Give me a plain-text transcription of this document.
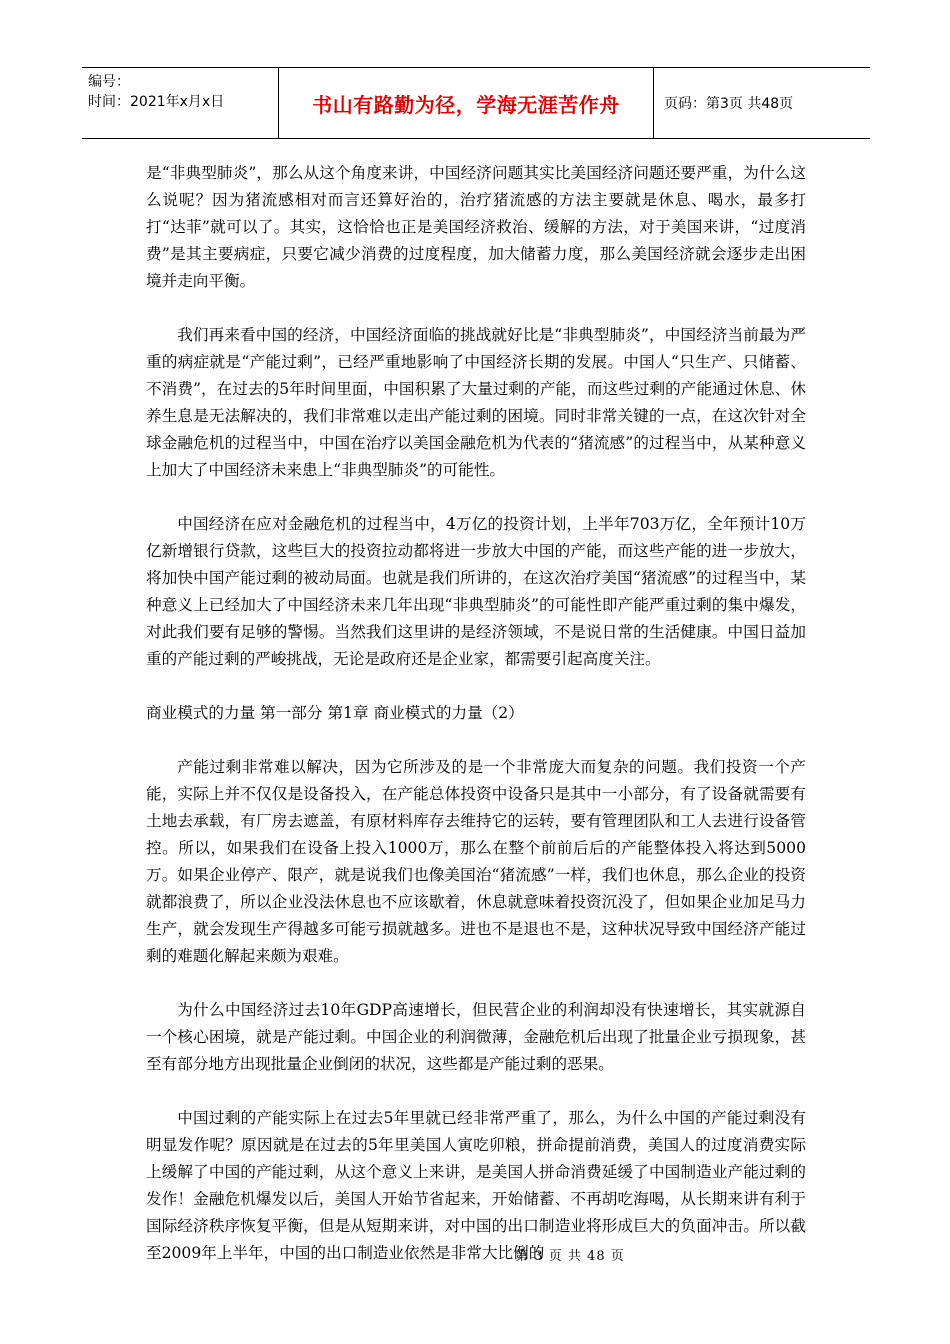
编号：
时间：2021年x月x日	书山有路勤为径，学海无涯苦作舟	页码：第3页 共48页

是“非典型肺炎”，那么从这个角度来讲，中国经济问题其实比美国经济问题还要严重，为什么这么说呢？因为猪流感相对而言还算好治的，治疗猪流感的方法主要就是休息、喝水，最多打打“达菲”就可以了。其实，这恰恰也正是美国经济救治、缓解的方法，对于美国来讲，“过度消费”是其主要病症，只要它减少消费的过度程度，加大储蓄力度，那么美国经济就会逐步走出困境并走向平衡。

我们再来看中国的经济，中国经济面临的挑战就好比是“非典型肺炎”，中国经济当前最为严重的病症就是“产能过剩”，已经严重地影响了中国经济长期的发展。中国人“只生产、只储蓄、不消费”，在过去的5年时间里面，中国积累了大量过剩的产能，而这些过剩的产能通过休息、休养生息是无法解决的，我们非常难以走出产能过剩的困境。同时非常关键的一点，在这次针对全球金融危机的过程当中，中国在治疗以美国金融危机为代表的“猪流感”的过程当中，从某种意义上加大了中国经济未来患上“非典型肺炎”的可能性。

中国经济在应对金融危机的过程当中，4万亿的投资计划，上半年703万亿，全年预计10万亿新增银行贷款，这些巨大的投资拉动都将进一步放大中国的产能，而这些产能的进一步放大，将加快中国产能过剩的被动局面。也就是我们所讲的，在这次治疗美国“猪流感”的过程当中，某种意义上已经加大了中国经济未来几年出现“非典型肺炎”的可能性即产能严重过剩的集中爆发，对此我们要有足够的警惕。当然我们这里讲的是经济领域，不是说日常的生活健康。中国日益加重的产能过剩的严峻挑战，无论是政府还是企业家，都需要引起高度关注。

商业模式的力量 第一部分 第1章 商业模式的力量（2）

产能过剩非常难以解决，因为它所涉及的是一个非常庞大而复杂的问题。我们投资一个产能，实际上并不仅仅是设备投入，在产能总体投资中设备只是其中一小部分，有了设备就需要有土地去承载，有厂房去遮盖，有原材料库存去维持它的运转，要有管理团队和工人去进行设备管控。所以，如果我们在设备上投入1000万，那么在整个前前后后的产能整体投入将达到5000万。如果企业停产、限产，就是说我们也像美国治“猪流感”一样，我们也休息，那么企业的投资就都浪费了，所以企业没法休息也不应该歇着，休息就意味着投资沉没了，但如果企业加足马力生产，就会发现生产得越多可能亏损就越多。进也不是退也不是，这种状况导致中国经济产能过剩的难题化解起来颇为艰难。

为什么中国经济过去10年GDP高速增长，但民营企业的利润却没有快速增长，其实就源自一个核心困境，就是产能过剩。中国企业的利润微薄，金融危机后出现了批量企业亏损现象，甚至有部分地方出现批量企业倒闭的状况，这些都是产能过剩的恶果。

中国过剩的产能实际上在过去5年里就已经非常严重了，那么，为什么中国的产能过剩没有明显发作呢？原因就是在过去的5年里美国人寅吃卯粮，拼命提前消费，美国人的过度消费实际上缓解了中国的产能过剩，从这个意义上来讲，是美国人拼命消费延缓了中国制造业产能过剩的发作！金融危机爆发以后，美国人开始节省起来，开始储蓄、不再胡吃海喝，从长期来讲有利于国际经济秩序恢复平衡，但是从短期来讲，对中国的出口制造业将形成巨大的负面冲击。所以截至2009年上半年，中国的出口制造业依然是非常大比例的

第 3 页 共 48 页
